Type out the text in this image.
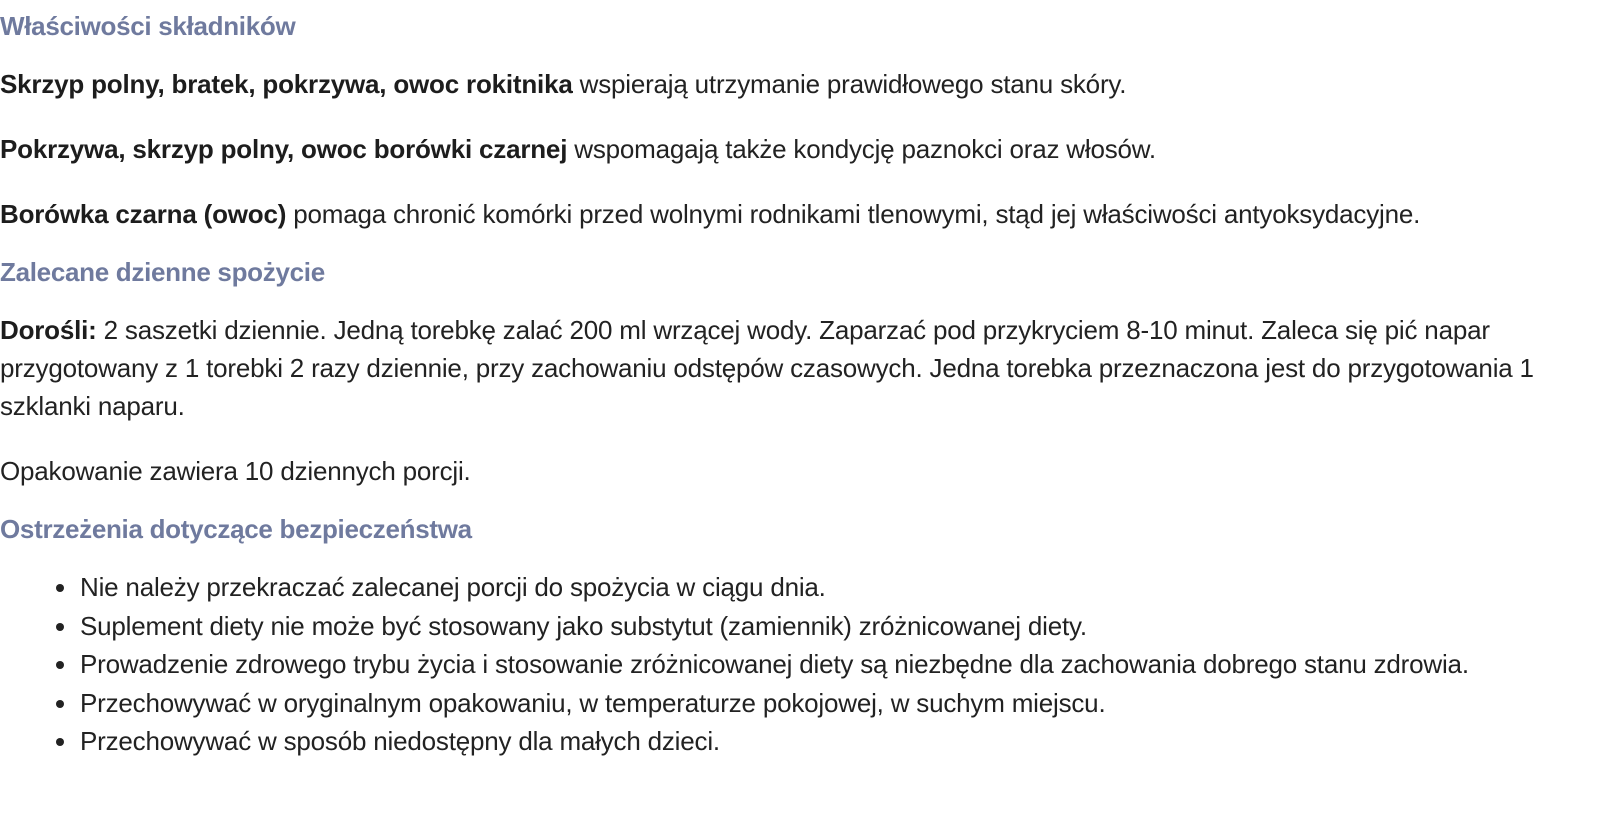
Właściwości składników

Skrzyp polny, bratek, pokrzywa, owoc rokitnika wspierają utrzymanie prawidłowego stanu skóry.

Pokrzywa, skrzyp polny, owoc borówki czarnej wspomagają także kondycję paznokci oraz włosów.

Borówka czarna (owoc) pomaga chronić komórki przed wolnymi rodnikami tlenowymi, stąd jej właściwości antyoksydacyjne.

Zalecane dzienne spożycie

Dorośli: 2 saszetki dziennie. Jedną torebkę zalać 200 ml wrzącej wody. Zaparzać pod przykryciem 8-10 minut. Zaleca się pić napar przygotowany z 1 torebki 2 razy dziennie, przy zachowaniu odstępów czasowych. Jedna torebka przeznaczona jest do przygotowania 1 szklanki naparu.

Opakowanie zawiera 10 dziennych porcji.

Ostrzeżenia dotyczące bezpieczeństwa
Nie należy przekraczać zalecanej porcji do spożycia w ciągu dnia.
Suplement diety nie może być stosowany jako substytut (zamiennik) zróżnicowanej diety.
Prowadzenie zdrowego trybu życia i stosowanie zróżnicowanej diety są niezbędne dla zachowania dobrego stanu zdrowia.
Przechowywać w oryginalnym opakowaniu, w temperaturze pokojowej, w suchym miejscu.
Przechowywać w sposób niedostępny dla małych dzieci.
